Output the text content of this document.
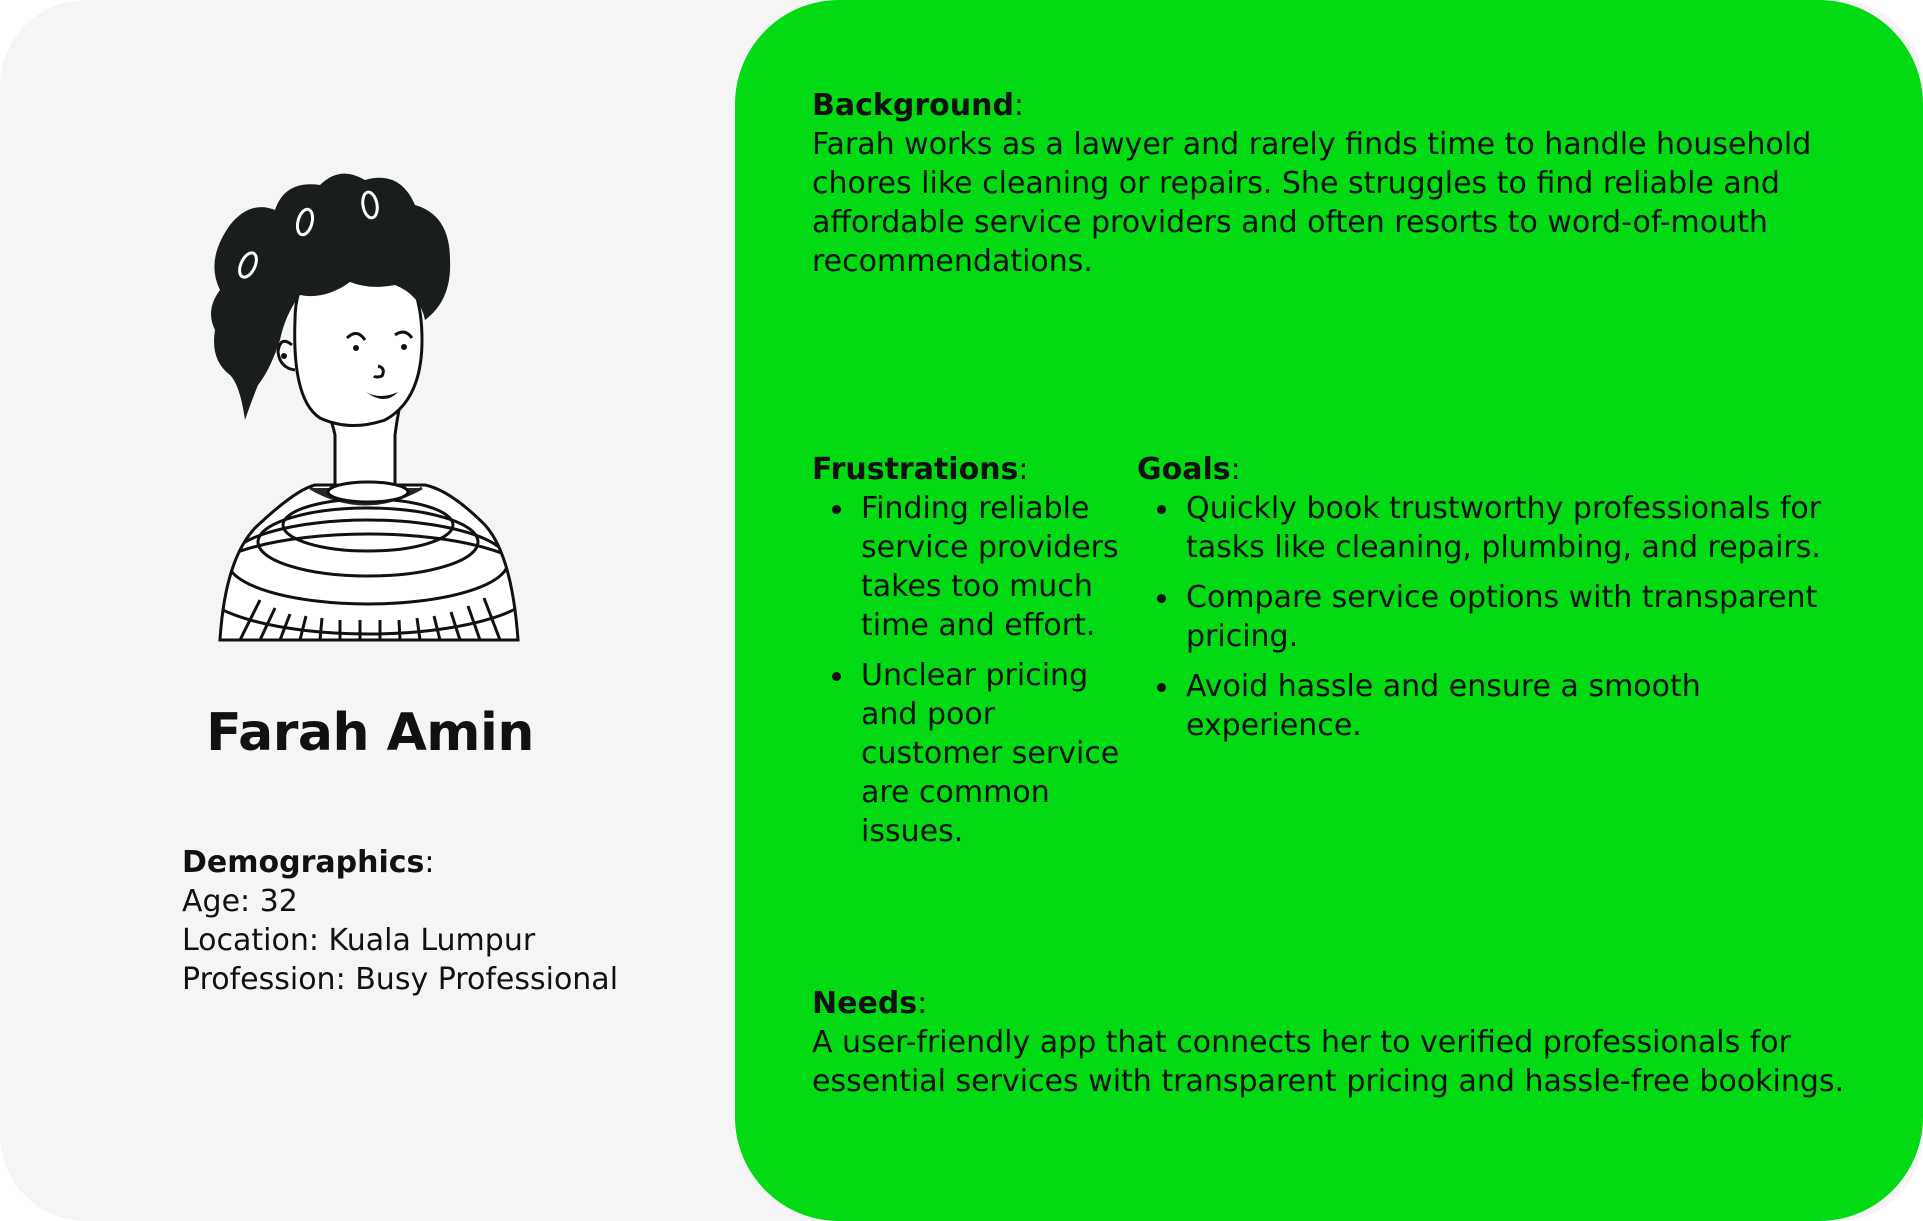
Farah Amin
Demographics:
Age: 32
Location: Kuala Lumpur
Profession: Busy Professional

Background:

Farah works as a lawyer and rarely finds time to handle household chores like cleaning or repairs. She struggles to find reliable and affordable service providers and often resorts to word-of-mouth recommendations.

Frustrations:

Finding reliable service providers takes too much time and effort.
Unclear pricing and poor customer service are common issues.

Goals:

Quickly book trustworthy professionals for tasks like cleaning, plumbing, and repairs.
Compare service options with transparent pricing.
Avoid hassle and ensure a smooth experience.

Needs:

A user-friendly app that connects her to verified professionals for essential services with transparent pricing and hassle-free bookings.
